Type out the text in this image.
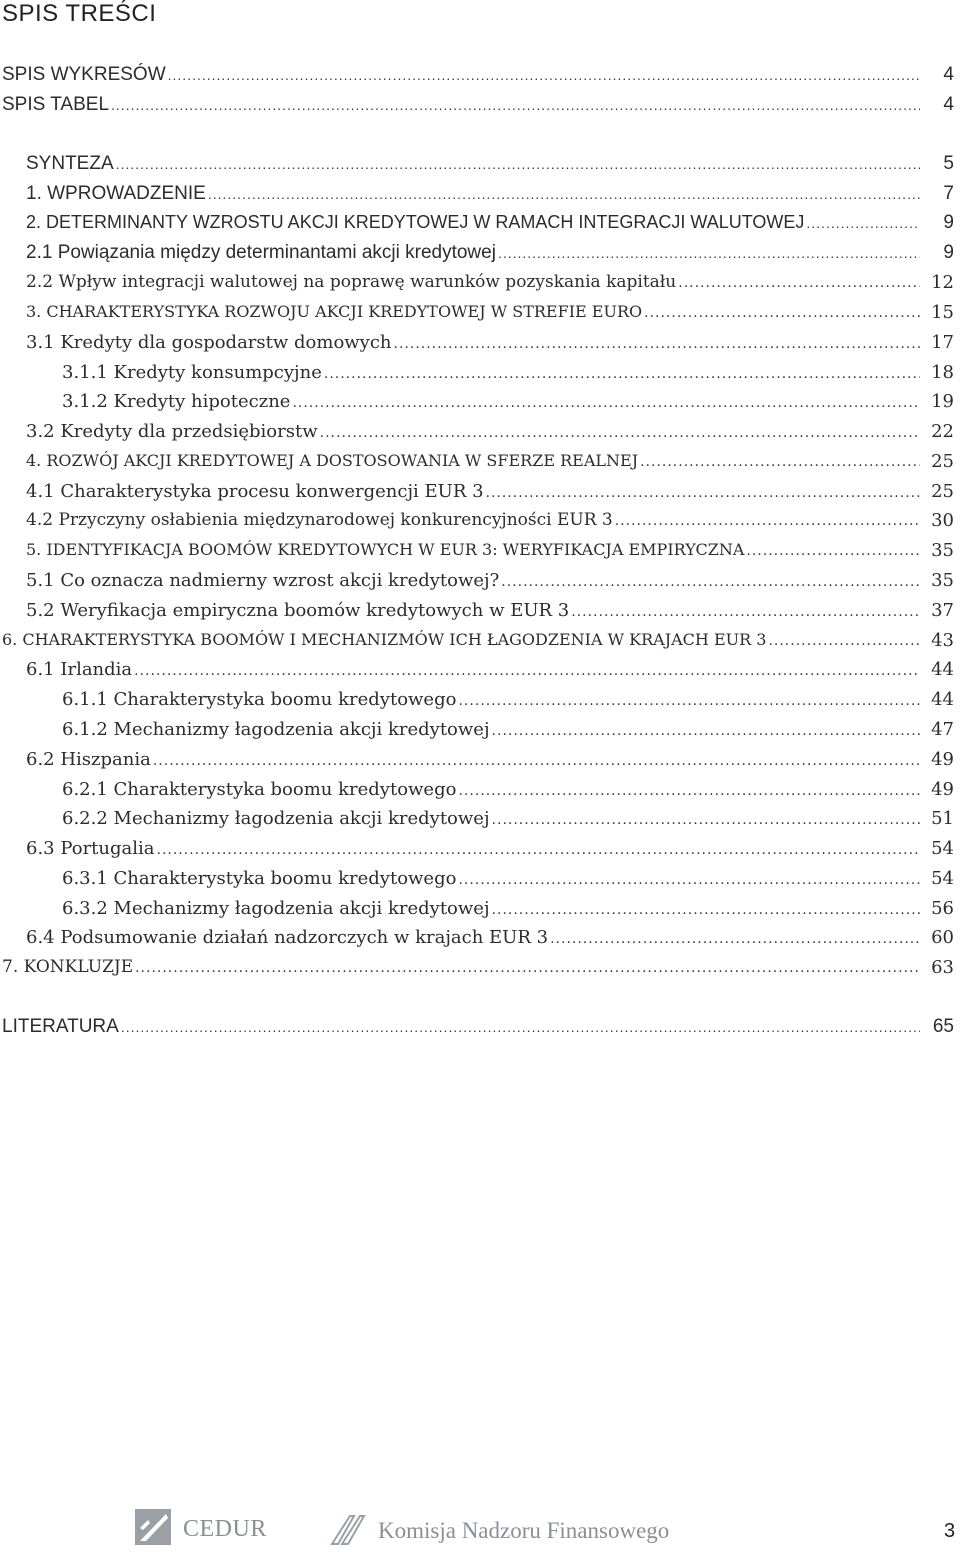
SPIS TREŚCI
SPIS WYKRESÓW .....	4
SPIS TABEL .....	4
SYNTEZA .....	5
1. WPROWADZENIE .....	7
2. DETERMINANTY WZROSTU AKCJI KREDYTOWEJ W RAMACH INTEGRACJI WALUTOWEJ .....	9
2.1 Powiązania między determinantami akcji kredytowej .....	9
2.2 Wpływ integracji walutowej na poprawę warunków pozyskania kapitału .....	12
3. CHARAKTERYSTYKA ROZWOJU AKCJI KREDYTOWEJ W STREFIE EURO .....	15
3.1 Kredyty dla gospodarstw domowych .....	17
3.1.1 Kredyty konsumpcyjne .....	18
3.1.2 Kredyty hipoteczne .....	19
3.2 Kredyty dla przedsiębiorstw .....	22
4. ROZWÓJ AKCJI KREDYTOWEJ A DOSTOSOWANIA W SFERZE REALNEJ .....	25
4.1 Charakterystyka procesu konwergencji EUR 3 .....	25
4.2 Przyczyny osłabienia międzynarodowej konkurencyjności EUR 3 .....	30
5. IDENTYFIKACJA BOOMÓW KREDYTOWYCH W EUR 3: WERYFIKACJA EMPIRYCZNA .....	35
5.1 Co oznacza nadmierny wzrost akcji kredytowej? .....	35
5.2 Weryfikacja empiryczna boomów kredytowych w EUR 3 .....	37
6. CHARAKTERYSTYKA BOOMÓW I MECHANIZMÓW ICH ŁAGODZENIA W KRAJACH EUR 3 .....	43
6.1 Irlandia .....	44
6.1.1 Charakterystyka boomu kredytowego .....	44
6.1.2 Mechanizmy łagodzenia akcji kredytowej .....	47
6.2 Hiszpania .....	49
6.2.1 Charakterystyka boomu kredytowego .....	49
6.2.2 Mechanizmy łagodzenia akcji kredytowej .....	51
6.3 Portugalia .....	54
6.3.1 Charakterystyka boomu kredytowego .....	54
6.3.2 Mechanizmy łagodzenia akcji kredytowej .....	56
6.4 Podsumowanie działań nadzorczych w krajach EUR 3 .....	60
7. KONKLUZJE .....	63
LITERATURA .....	65
CEDUR	Komisja Nadzoru Finansowego	3
